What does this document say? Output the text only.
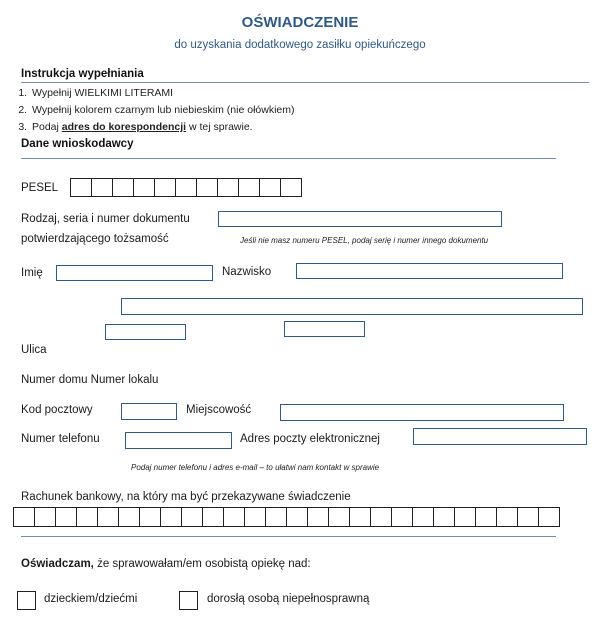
OŚWIADCZENIE
do uzyskania dodatkowego zasiłku opiekuńczego
Instrukcja wypełniania
1. Wypełnij WIELKIMI LITERAMI
2. Wypełnij kolorem czarnym lub niebieskim (nie ołówkiem)
3. Podaj adres do korespondencji w tej sprawie.
Dane wnioskodawcy
PESEL
Rodzaj, seria i numer dokumentu
potwierdzającego tożsamość	Jeśli nie masz numeru PESEL, podaj serię i numer innego dokumentu
Imię	Nazwisko
Ulica
Numer domu Numer lokalu
Kod pocztowy	Miejscowość
Numer telefonu	Adres poczty elektronicznej
Podaj numer telefonu i adres e-mail – to ułatwi nam kontakt w sprawie
Rachunek bankowy, na który ma być przekazywane świadczenie
Oświadczam, że sprawowałam/em osobistą opiekę nad:
dzieckiem/dziećmi	dorosłą osobą niepełnosprawną
